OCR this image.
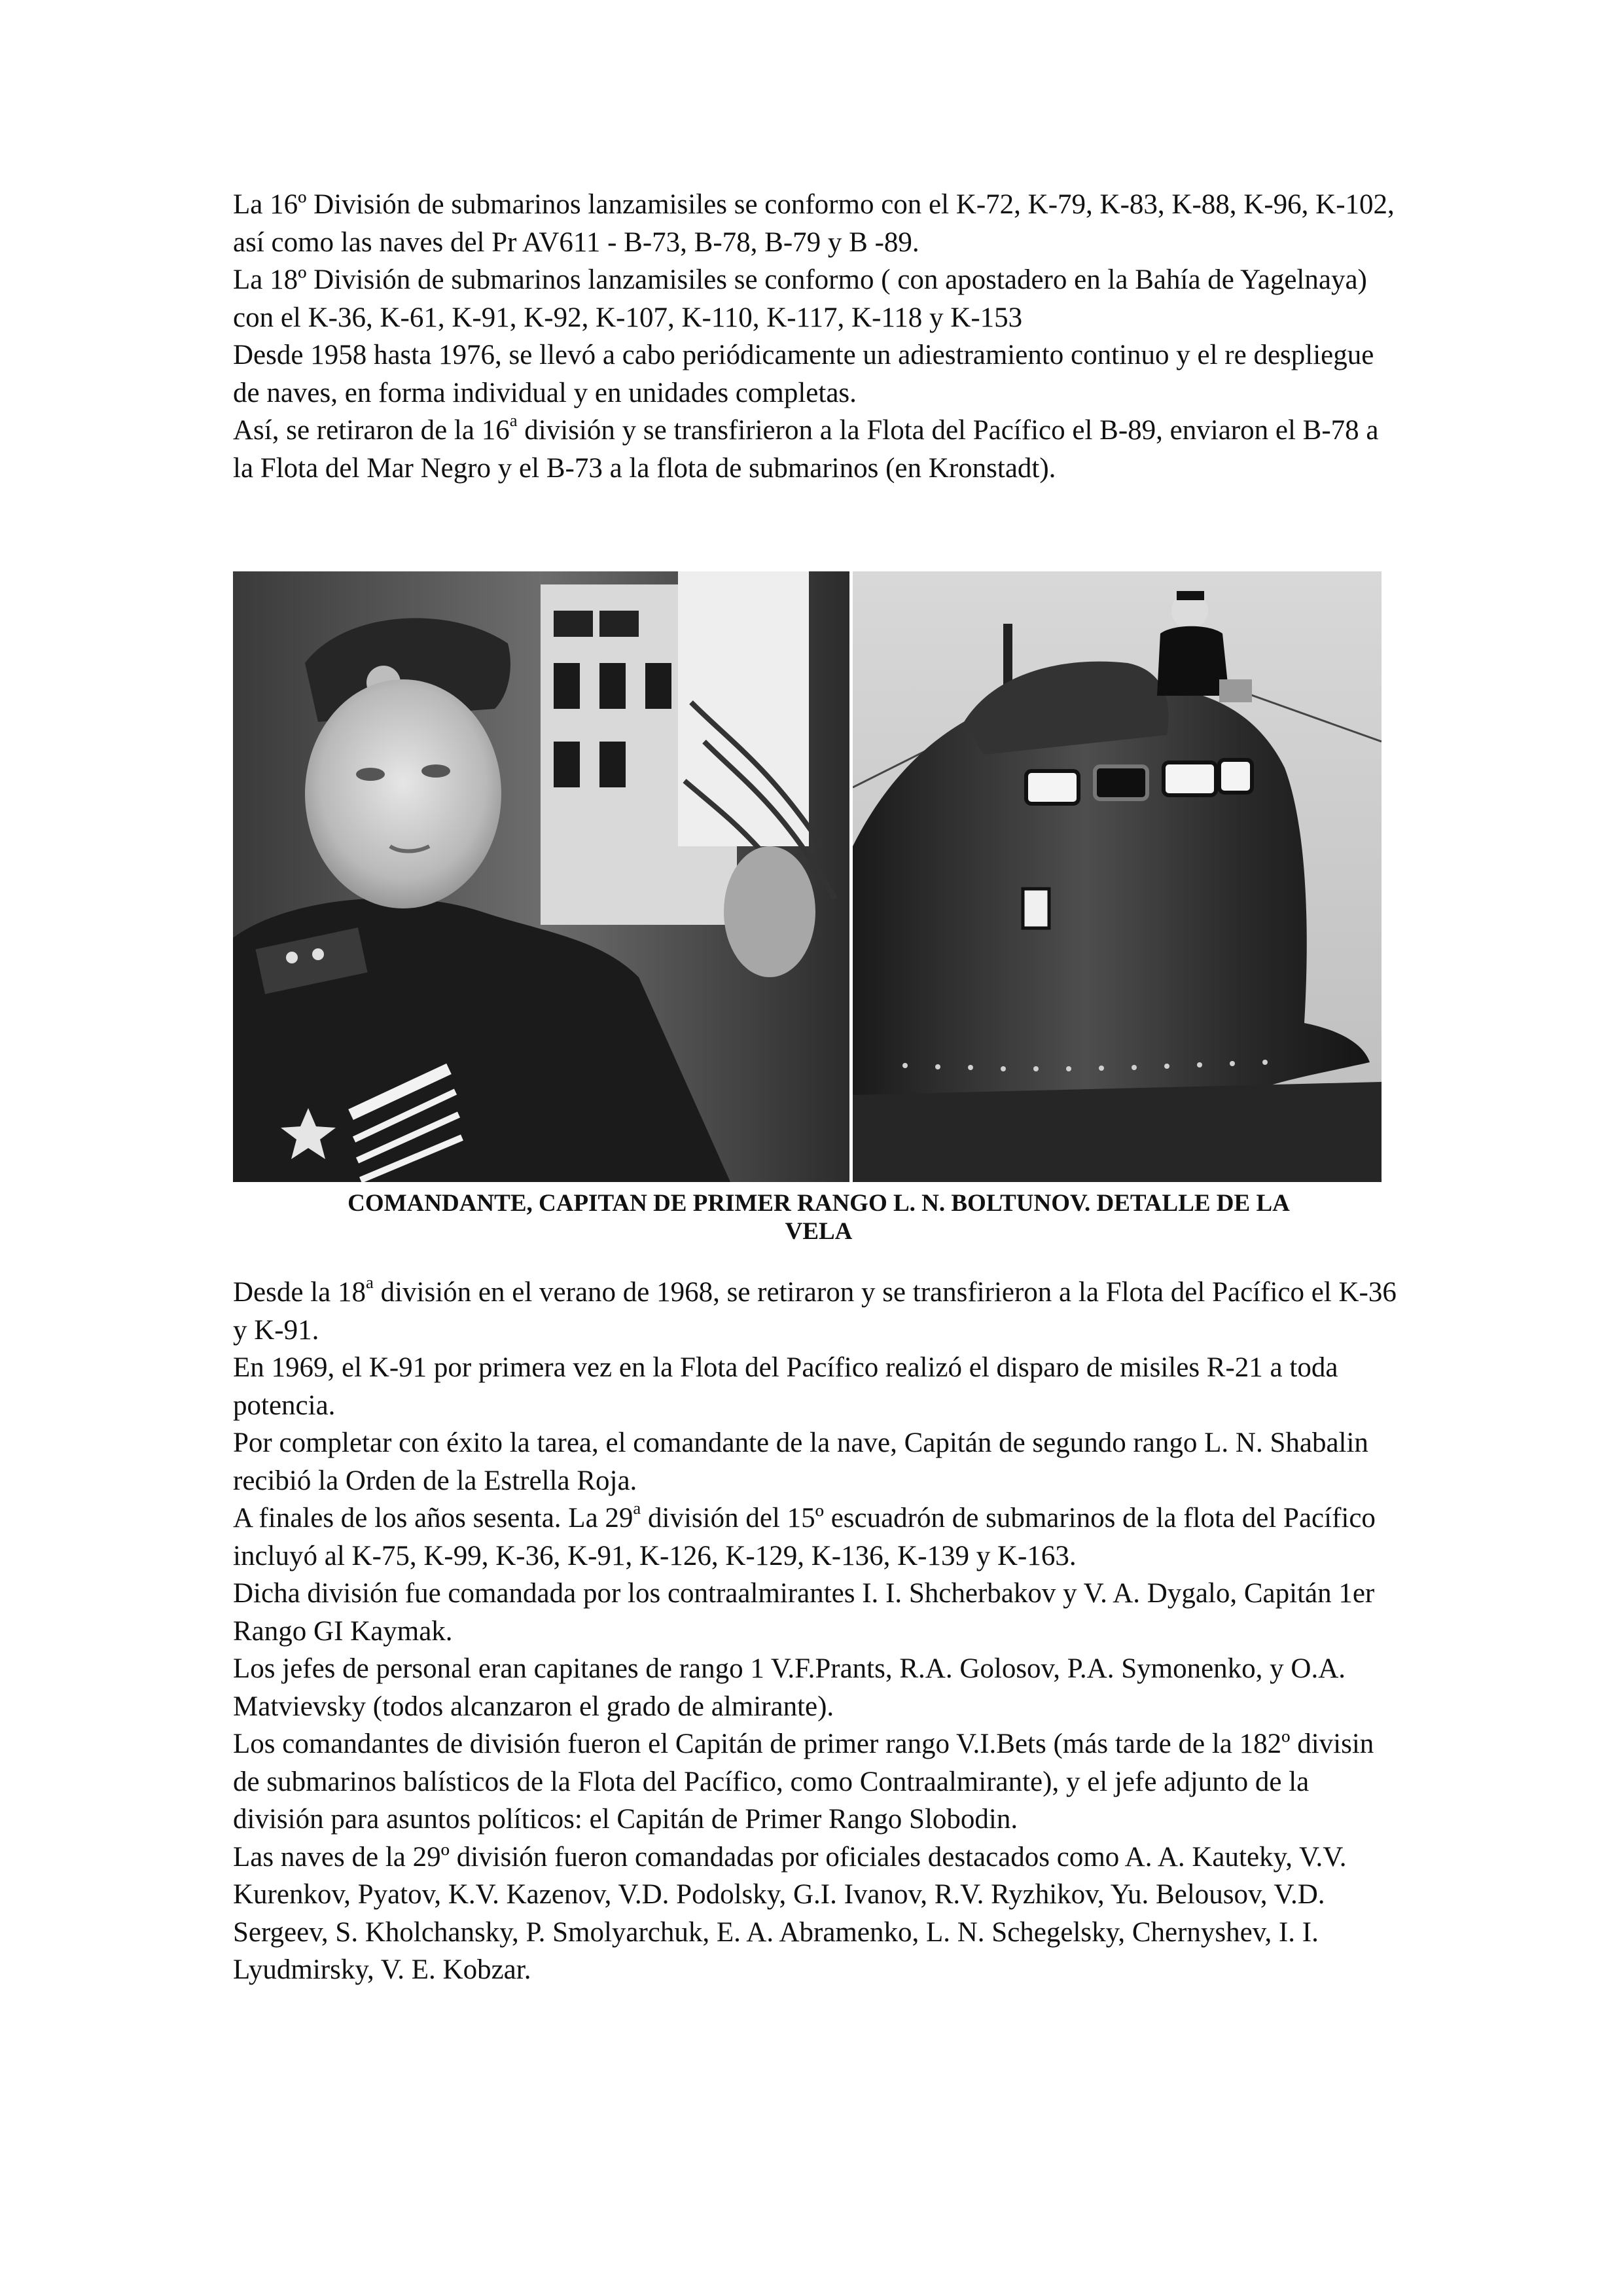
La 16º División de submarinos lanzamisiles se conformo con el K-72, K-79, K-83, K-88, K-96, K-102, así como las naves del Pr AV611 - B-73, B-78, B-79 y B -89.

La 18º División de submarinos lanzamisiles se conformo ( con apostadero en la Bahía de Yagelnaya) con el K-36, K-61, K-91, K-92, K-107, K-110, K-117, K-118 y K-153

Desde 1958 hasta 1976, se llevó a cabo periódicamente un adiestramiento continuo y el re despliegue de naves, en forma individual y en unidades completas.

Así, se retiraron de la 16$^a$ división y se transfirieron a la Flota del Pacífico el B-89, enviaron el B-78 a la Flota del Mar Negro y el B-73 a la flota de submarinos (en Kronstadt).

COMANDANTE, CAPITAN DE PRIMER RANGO L. N. BOLTUNOV. DETALLE DE LA
VELA

Desde la 18$^a$ división en el verano de 1968, se retiraron y se transfirieron a la Flota del Pacífico el K-36 y K-91.

En 1969, el K-91 por primera vez en la Flota del Pacífico realizó el disparo de misiles R-21 a toda potencia.

Por completar con éxito la tarea, el comandante de la nave, Capitán de segundo rango L. N. Shabalin recibió la Orden de la Estrella Roja.

A finales de los años sesenta. La 29$^a$ división del 15º escuadrón de submarinos de la flota del Pacífico incluyó al K-75, K-99, K-36, K-91, K-126, K-129, K-136, K-139 y K-163.

Dicha división fue comandada por los contraalmirantes I. I. Shcherbakov y V. A. Dygalo, Capitán 1er Rango GI Kaymak.

Los jefes de personal eran capitanes de rango 1 V.F.Prants, R.A. Golosov, P.A. Symonenko, y O.A. Matvievsky (todos alcanzaron el grado de almirante).

Los comandantes de división fueron el Capitán de primer rango V.I.Bets (más tarde de la 182º divisin de submarinos balísticos de la Flota del Pacífico, como Contraalmirante), y el jefe adjunto de la división para asuntos políticos: el Capitán de Primer Rango Slobodin.

Las naves de la 29º división fueron comandadas por oficiales destacados como A. A. Kauteky, V.V. Kurenkov, Pyatov, K.V. Kazenov, V.D. Podolsky, G.I. Ivanov, R.V. Ryzhikov, Yu. Belousov, V.D. Sergeev, S. Kholchansky, P. Smolyarchuk, E. A. Abramenko, L. N. Schegelsky, Chernyshev, I. I. Lyudmirsky, V. E. Kobzar.
